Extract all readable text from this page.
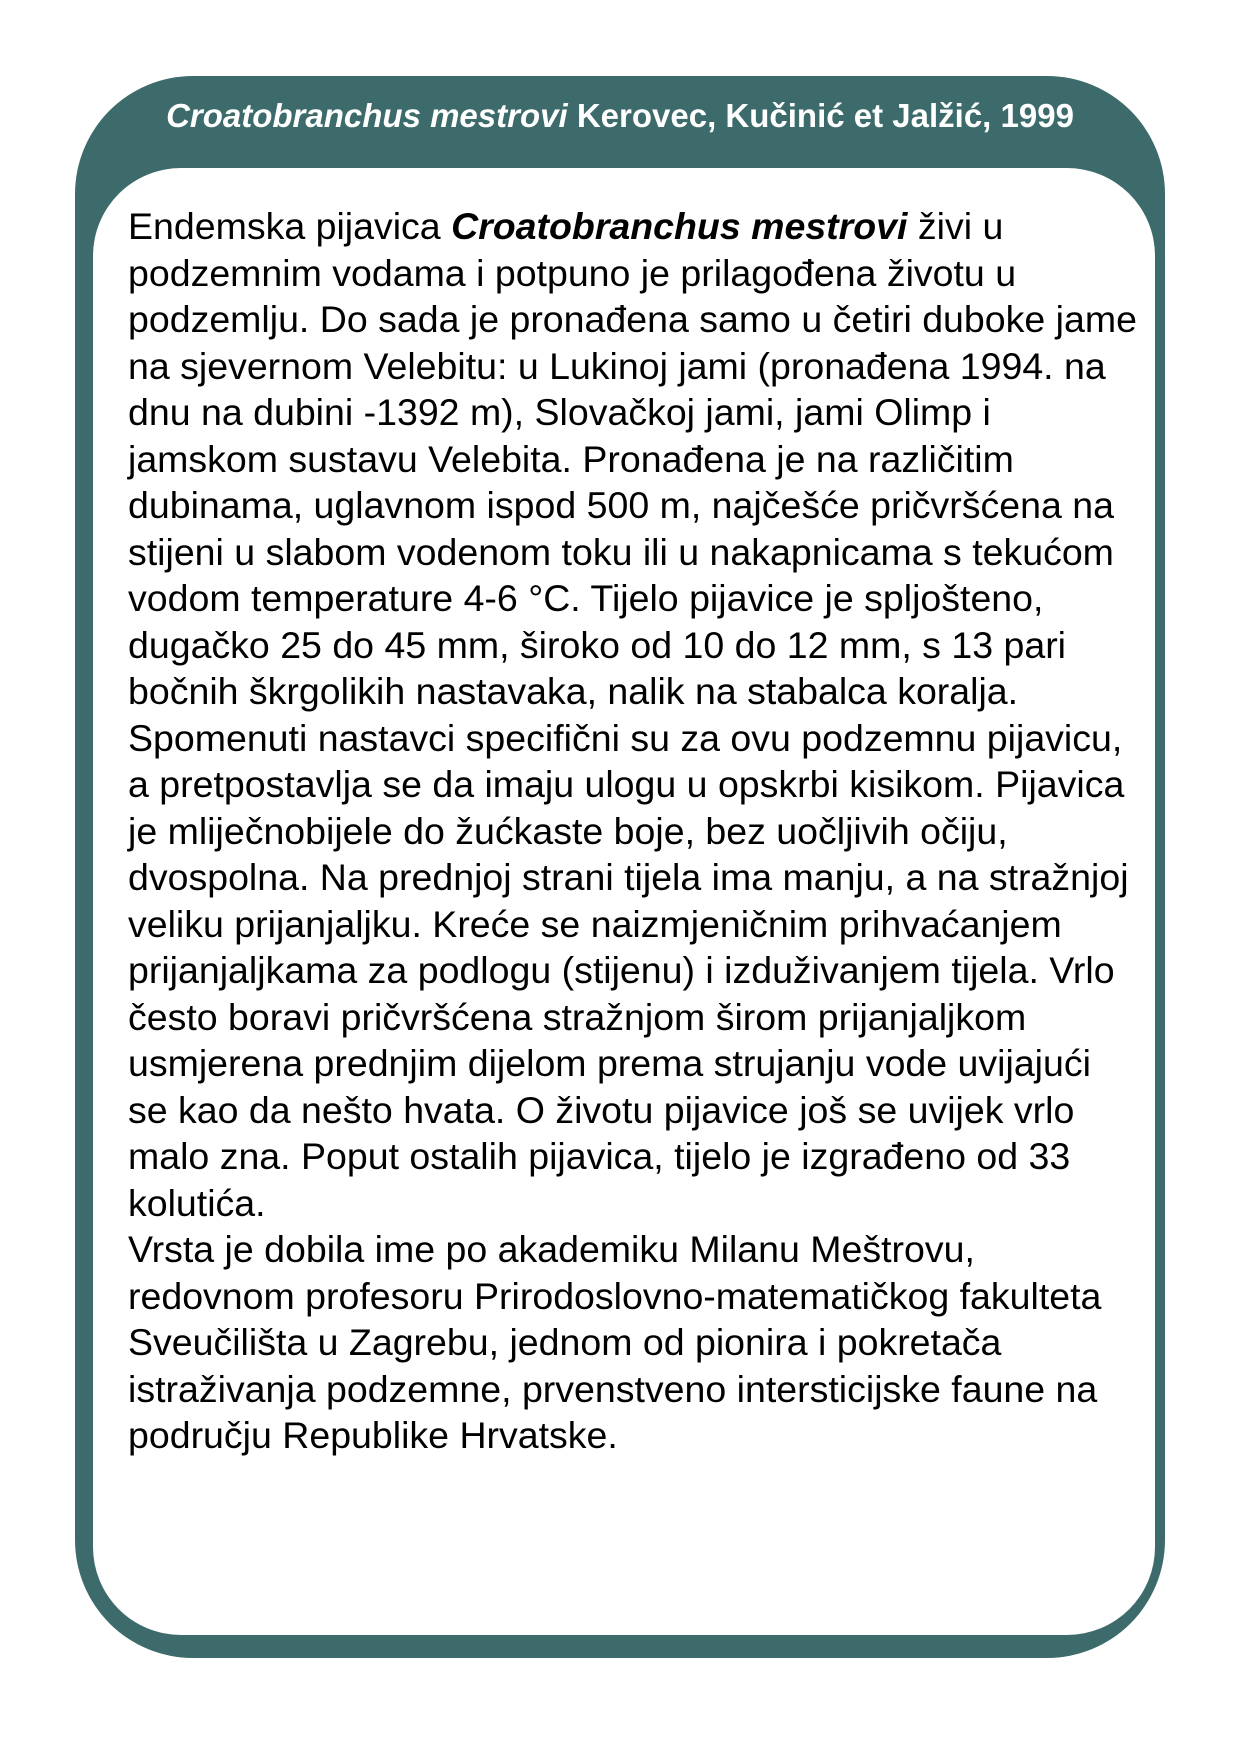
Croatobranchus mestrovi Kerovec, Kučinić et Jalžić, 1999

Endemska pijavica Croatobranchus mestrovi živi u podzemnim vodama i potpuno je prilagođena životu u podzemlju. Do sada je pronađena samo u četiri duboke jame na sjevernom Velebitu: u Lukinoj jami (pronađena 1994. na dnu na dubini -1392 m), Slovačkoj jami, jami Olimp i jamskom sustavu Velebita. Pronađena je na različitim dubinama, uglavnom ispod 500 m, najčešće pričvršćena na stijeni u slabom vodenom toku ili u nakapnicama s tekućom vodom temperature 4-6 °C. Tijelo pijavice je spljošteno, dugačko 25 do 45 mm, široko od 10 do 12 mm, s 13 pari bočnih škrgolikih nastavaka, nalik na stabalca koralja. Spomenuti nastavci specifični su za ovu podzemnu pijavicu, a pretpostavlja se da imaju ulogu u opskrbi kisikom. Pijavica je mliječnobijele do žućkaste boje, bez uočljivih očiju, dvospolna. Na prednjoj strani tijela ima manju, a na stražnjoj veliku prijanjaljku. Kreće se naizmjeničnim prihvaćanjem prijanjaljkama za podlogu (stijenu) i izduživanjem tijela. Vrlo često boravi pričvršćena stražnjom širom prijanjaljkom usmjerena prednjim dijelom prema strujanju vode uvijajući se kao da nešto hvata. O životu pijavice još se uvijek vrlo malo zna. Poput ostalih pijavica, tijelo je izgrađeno od 33 kolutića.

Vrsta je dobila ime po akademiku Milanu Meštrovu, redovnom profesoru Prirodoslovno-matematičkog fakulteta Sveučilišta u Zagrebu, jednom od pionira i pokretača istraživanja podzemne, prvenstveno intersticijske faune na području Republike Hrvatske.
